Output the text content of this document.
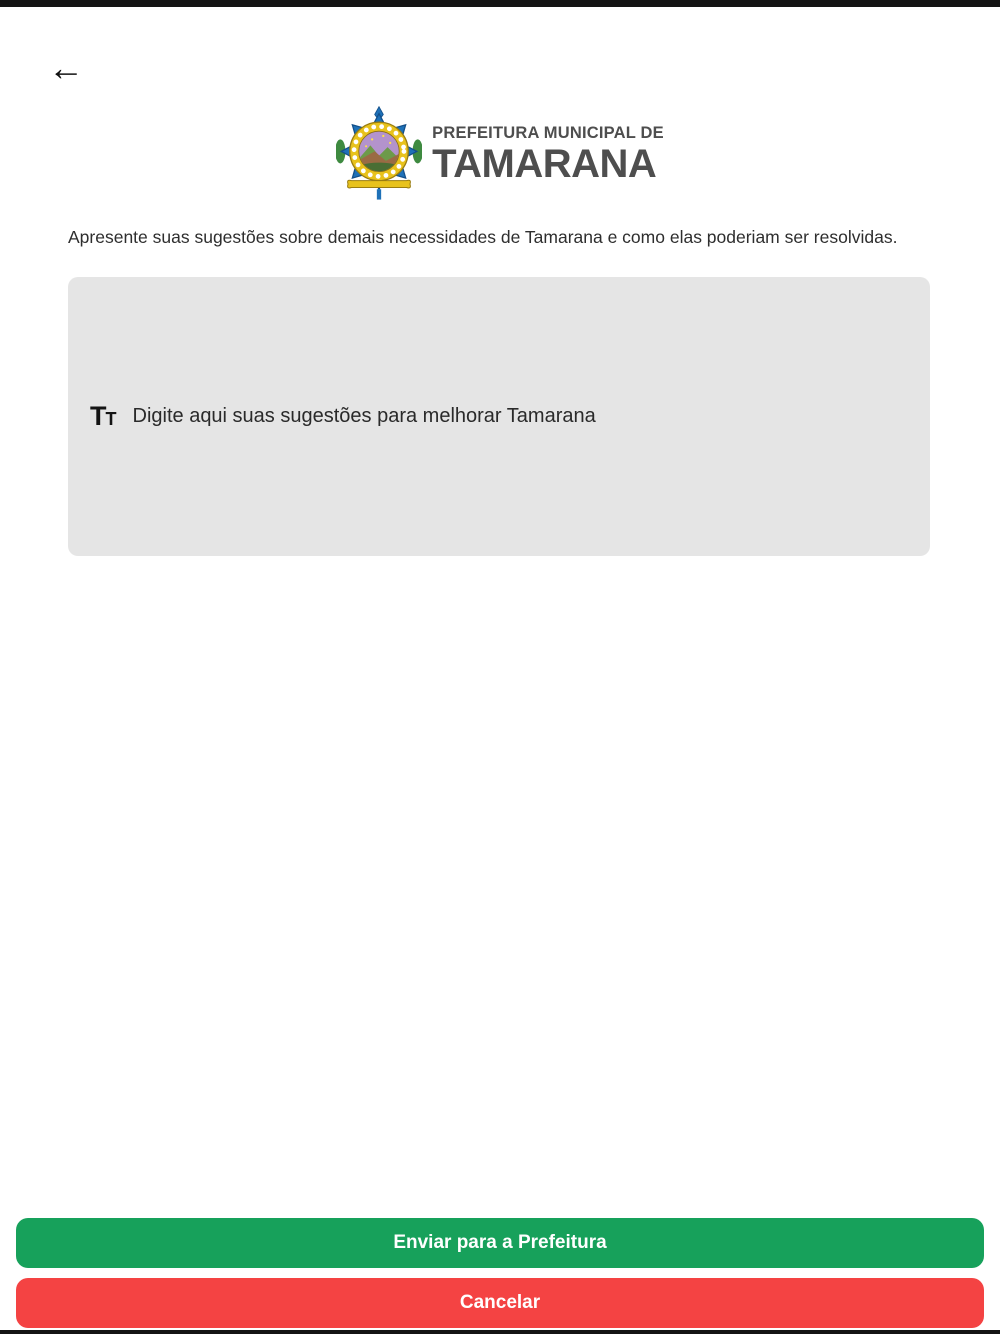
←
PREFEITURA MUNICIPAL DE
TAMARANA
Apresente suas sugestões sobre demais necessidades de Tamarana e como elas poderiam ser resolvidas.
T T Digite aqui suas sugestões para melhorar Tamarana
Enviar para a Prefeitura
Cancelar
